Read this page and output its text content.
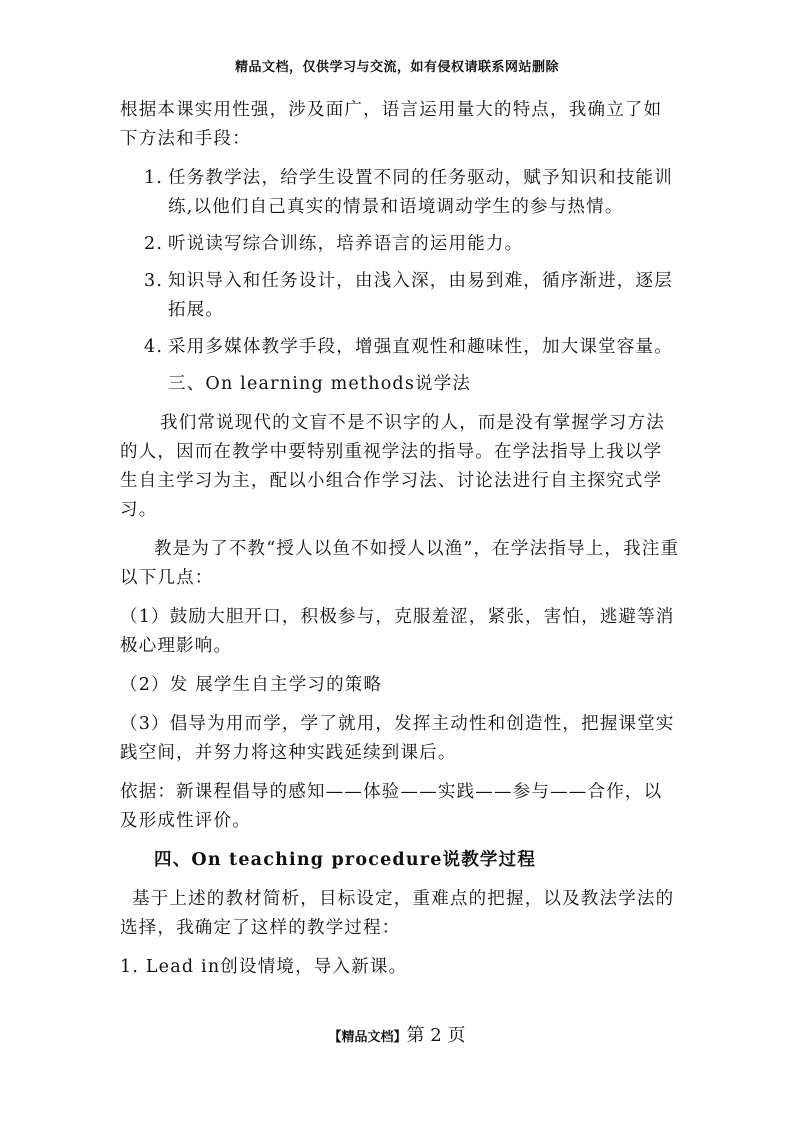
精品文档，仅供学习与交流，如有侵权请联系网站删除

根据本课实用性强，涉及面广，语言运用量大的特点，我确立了如下方法和手段：

1. 任务教学法，给学生设置不同的任务驱动，赋予知识和技能训练,以他们自己真实的情景和语境调动学生的参与热情。

2. 听说读写综合训练，培养语言的运用能力。

3. 知识导入和任务设计，由浅入深，由易到难，循序渐进，逐层拓展。

4. 采用多媒体教学手段，增强直观性和趣味性，加大课堂容量。

三、On learning methods说学法

我们常说现代的文盲不是不识字的人，而是没有掌握学习方法的人，因而在教学中要特别重视学法的指导。在学法指导上我以学生自主学习为主，配以小组合作学习法、讨论法进行自主探究式学习。

教是为了不教“授人以鱼不如授人以渔”，在学法指导上，我注重以下几点：

（1）鼓励大胆开口，积极参与，克服羞涩，紧张，害怕，逃避等消极心理影响。

（2）发 展学生自主学习的策略

（3）倡导为用而学，学了就用，发挥主动性和创造性，把握课堂实践空间，并努力将这种实践延续到课后。

依据：新课程倡导的感知——体验——实践——参与——合作，以及形成性评价。

四、On teaching procedure说教学过程

基于上述的教材简析，目标设定，重难点的把握，以及教法学法的选择，我确定了这样的教学过程：

1. Lead in创设情境，导入新课。

【精品文档】第 2 页
